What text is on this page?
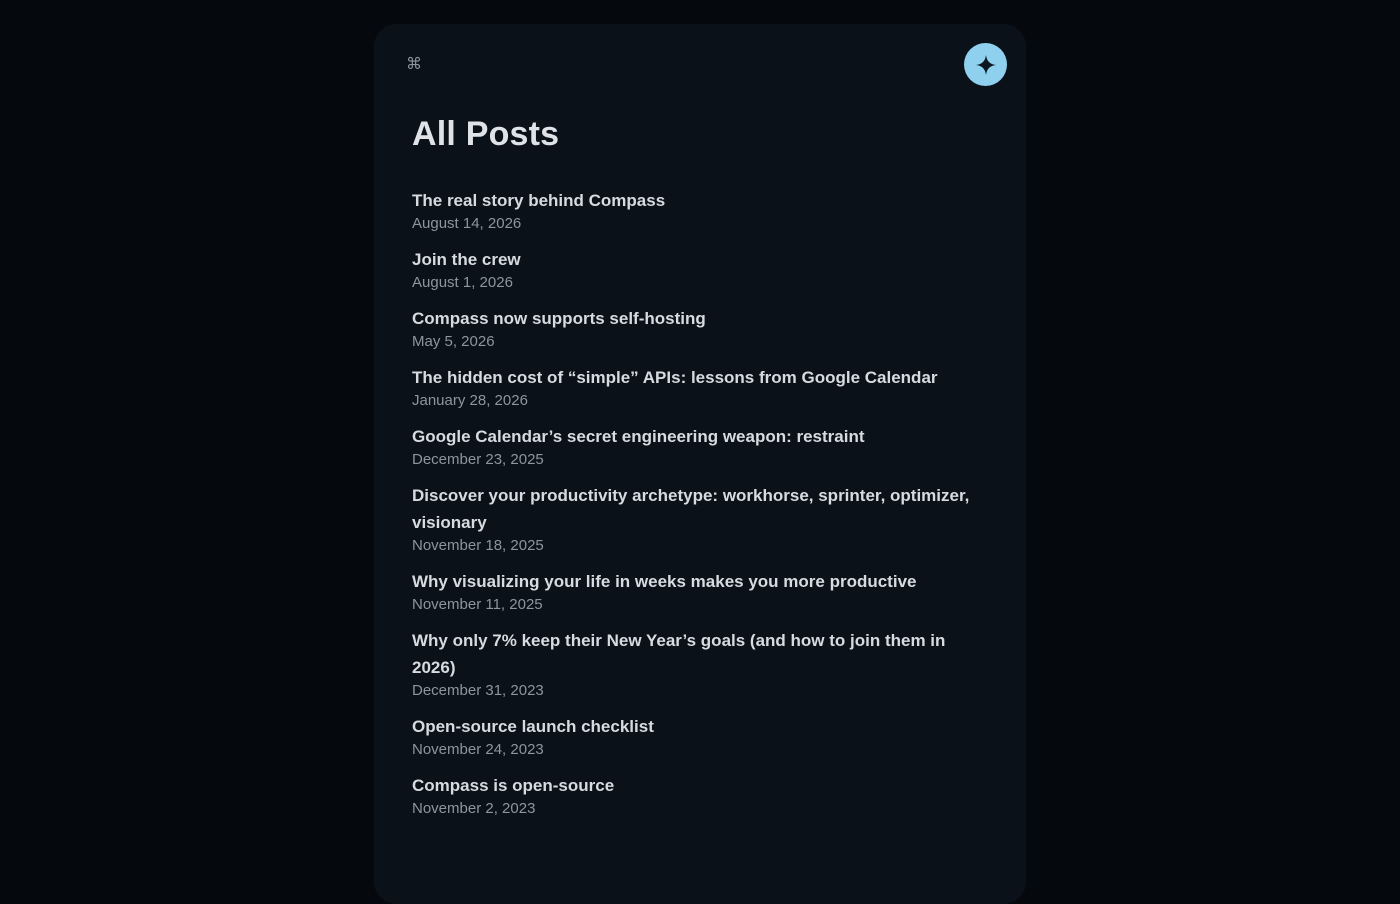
⌘
All Posts
The real story behind Compass
August 14, 2026
Join the crew
August 1, 2026
Compass now supports self-hosting
May 5, 2026
The hidden cost of “simple” APIs: lessons from Google Calendar
January 28, 2026
Google Calendar’s secret engineering weapon: restraint
December 23, 2025
Discover your productivity archetype: workhorse, sprinter, optimizer, visionary
November 18, 2025
Why visualizing your life in weeks makes you more productive
November 11, 2025
Why only 7% keep their New Year’s goals (and how to join them in 2026)
December 31, 2023
Open-source launch checklist
November 24, 2023
Compass is open-source
November 2, 2023
